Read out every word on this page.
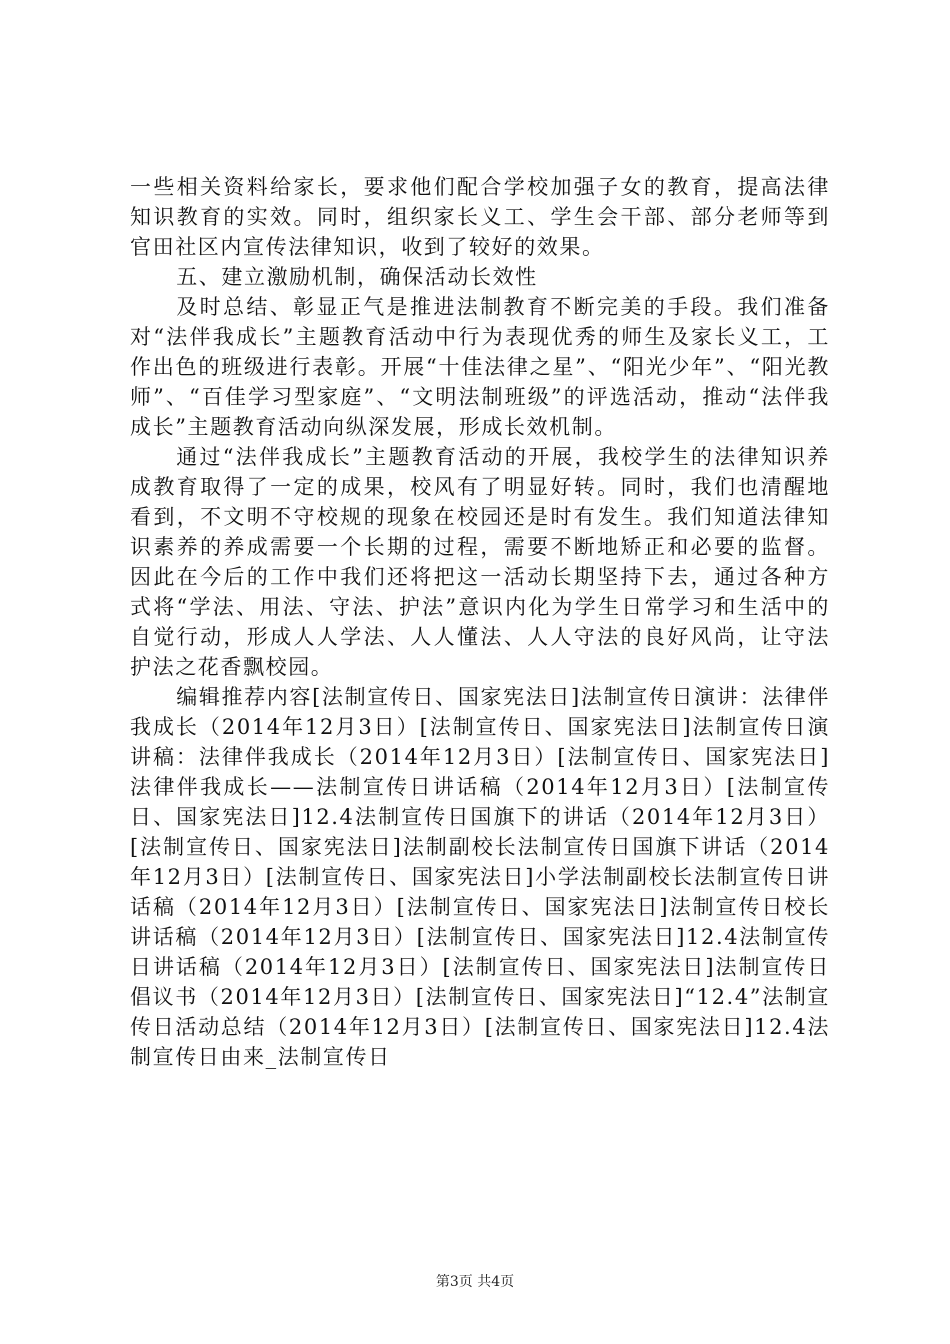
一些相关资料给家长，要求他们配合学校加强子女的教育，提高法律知识教育的实效。同时，组织家长义工、学生会干部、部分老师等到官田社区内宣传法律知识，收到了较好的效果。

五、建立激励机制，确保活动长效性

及时总结、彰显正气是推进法制教育不断完美的手段。我们准备对“法伴我成长”主题教育活动中行为表现优秀的师生及家长义工，工作出色的班级进行表彰。开展“十佳法律之星”、“阳光少年”、“阳光教师”、“百佳学习型家庭”、“文明法制班级”的评选活动，推动“法伴我成长”主题教育活动向纵深发展，形成长效机制。

通过“法伴我成长”主题教育活动的开展，我校学生的法律知识养成教育取得了一定的成果，校风有了明显好转。同时，我们也清醒地看到，不文明不守校规的现象在校园还是时有发生。我们知道法律知识素养的养成需要一个长期的过程，需要不断地矫正和必要的监督。因此在今后的工作中我们还将把这一活动长期坚持下去，通过各种方式将“学法、用法、守法、护法”意识内化为学生日常学习和生活中的自觉行动，形成人人学法、人人懂法、人人守法的良好风尚，让守法护法之花香飘校园。

编辑推荐内容[法制宣传日、国家宪法日]法制宣传日演讲：法律伴我成长（2014年12月3日）[法制宣传日、国家宪法日]法制宣传日演讲稿：法律伴我成长（2014年12月3日）[法制宣传日、国家宪法日]法律伴我成长——法制宣传日讲话稿（2014年12月3日）[法制宣传日、国家宪法日]12.4法制宣传日国旗下的讲话（2014年12月3日）[法制宣传日、国家宪法日]法制副校长法制宣传日国旗下讲话（2014年12月3日）[法制宣传日、国家宪法日]小学法制副校长法制宣传日讲话稿（2014年12月3日）[法制宣传日、国家宪法日]法制宣传日校长讲话稿（2014年12月3日）[法制宣传日、国家宪法日]12.4法制宣传日讲话稿（2014年12月3日）[法制宣传日、国家宪法日]法制宣传日倡议书（2014年12月3日）[法制宣传日、国家宪法日]“12.4”法制宣传日活动总结（2014年12月3日）[法制宣传日、国家宪法日]12.4法制宣传日由来_法制宣传日

第3页 共4页
